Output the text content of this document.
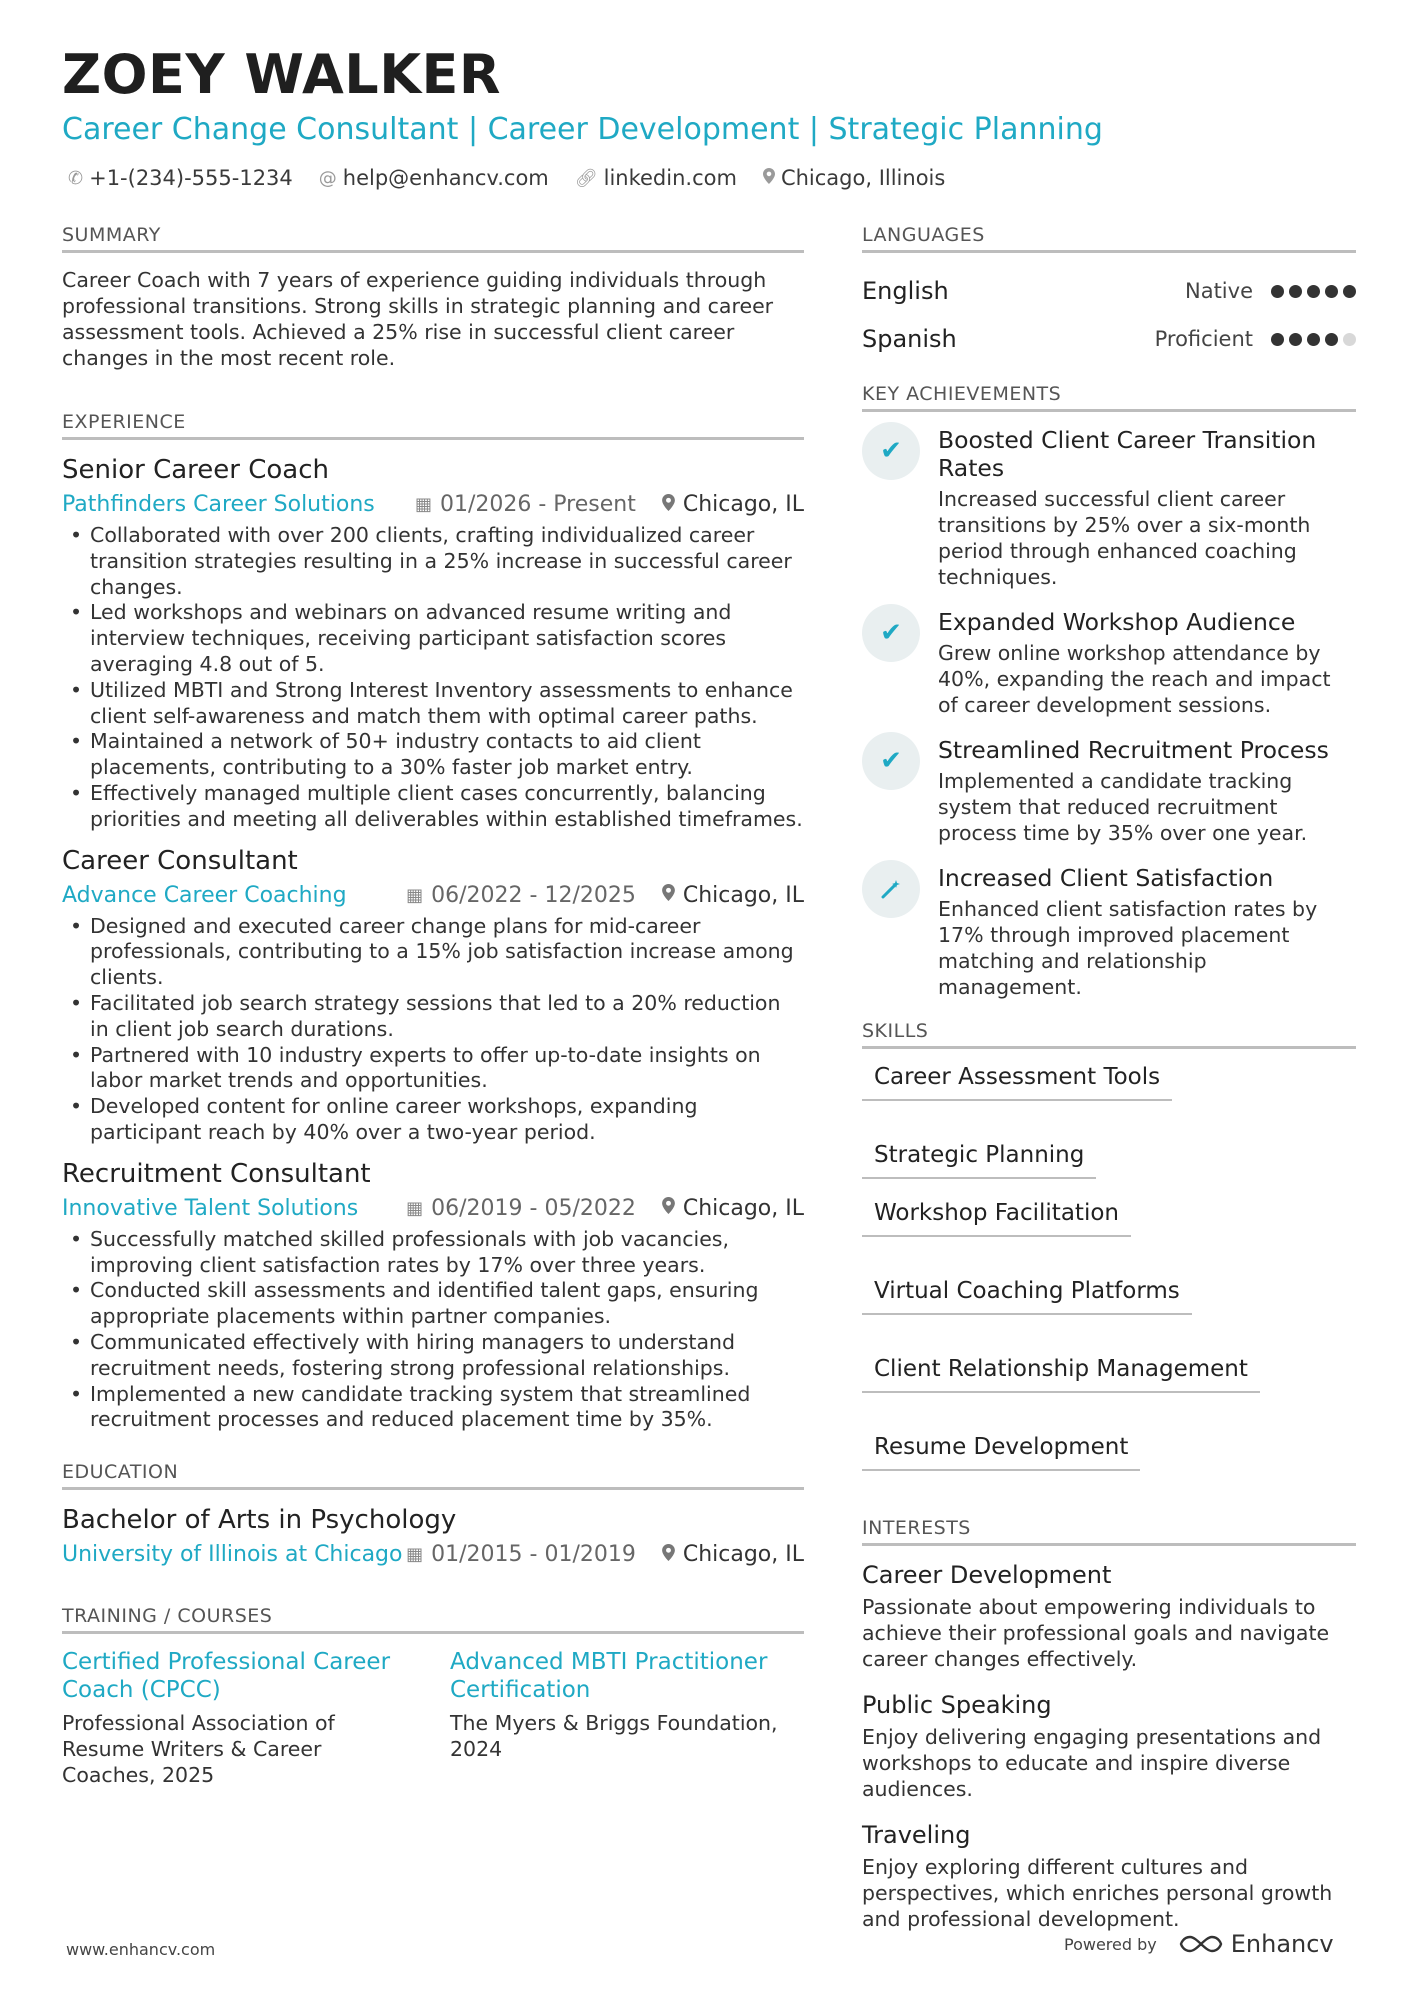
ZOEY WALKER
Career Change Consultant | Career Development | Strategic Planning
✆ +1-(234)-555-1234 @ help@enhancv.com 🔗︎ linkedin.com Chicago, Illinois
SUMMARY
Career Coach with 7 years of experience guiding individuals through professional transitions. Strong skills in strategic planning and career assessment tools. Achieved a 25% rise in successful client career changes in the most recent role.
EXPERIENCE
Senior Career Coach
Pathfinders Career Solutions	▦ 01/2026 - Present Chicago, IL
• Collaborated with over 200 clients, crafting individualized career transition strategies resulting in a 25% increase in successful career changes.
• Led workshops and webinars on advanced resume writing and interview techniques, receiving participant satisfaction scores averaging 4.8 out of 5.
• Utilized MBTI and Strong Interest Inventory assessments to enhance client self-awareness and match them with optimal career paths.
• Maintained a network of 50+ industry contacts to aid client placements, contributing to a 30% faster job market entry.
• Effectively managed multiple client cases concurrently, balancing priorities and meeting all deliverables within established timeframes.
Career Consultant
Advance Career Coaching	▦ 06/2022 - 12/2025 Chicago, IL
• Designed and executed career change plans for mid-career professionals, contributing to a 15% job satisfaction increase among clients.
• Facilitated job search strategy sessions that led to a 20% reduction in client job search durations.
• Partnered with 10 industry experts to offer up-to-date insights on labor market trends and opportunities.
• Developed content for online career workshops, expanding participant reach by 40% over a two-year period.
Recruitment Consultant
Innovative Talent Solutions	▦ 06/2019 - 05/2022 Chicago, IL
• Successfully matched skilled professionals with job vacancies, improving client satisfaction rates by 17% over three years.
• Conducted skill assessments and identified talent gaps, ensuring appropriate placements within partner companies.
• Communicated effectively with hiring managers to understand recruitment needs, fostering strong professional relationships.
• Implemented a new candidate tracking system that streamlined recruitment processes and reduced placement time by 35%.
EDUCATION
Bachelor of Arts in Psychology
University of Illinois at Chicago ▦ 01/2015 - 01/2019 Chicago, IL
TRAINING / COURSES
Certified Professional Career Coach (CPCC)
Professional Association of Resume Writers & Career Coaches, 2025
Advanced MBTI Practitioner Certification
The Myers & Briggs Foundation, 2024
LANGUAGES
English	Native
Spanish	Proficient
KEY ACHIEVEMENTS
✔	Boosted Client Career Transition Rates
Increased successful client career transitions by 25% over a six-month period through enhanced coaching techniques.
✔	Expanded Workshop Audience
Grew online workshop attendance by 40%, expanding the reach and impact of career development sessions.
✔	Streamlined Recruitment Process
Implemented a candidate tracking system that reduced recruitment process time by 35% over one year.
Increased Client Satisfaction
Enhanced client satisfaction rates by 17% through improved placement matching and relationship management.
SKILLS
Career Assessment Tools
Strategic Planning
Workshop Facilitation
Virtual Coaching Platforms
Client Relationship Management
Resume Development
INTERESTS
Career Development
Passionate about empowering individuals to achieve their professional goals and navigate career changes effectively.
Public Speaking
Enjoy delivering engaging presentations and workshops to educate and inspire diverse audiences.
Traveling
Enjoy exploring different cultures and perspectives, which enriches personal growth and professional development.
www.enhancv.com	Powered by	Enhancv
